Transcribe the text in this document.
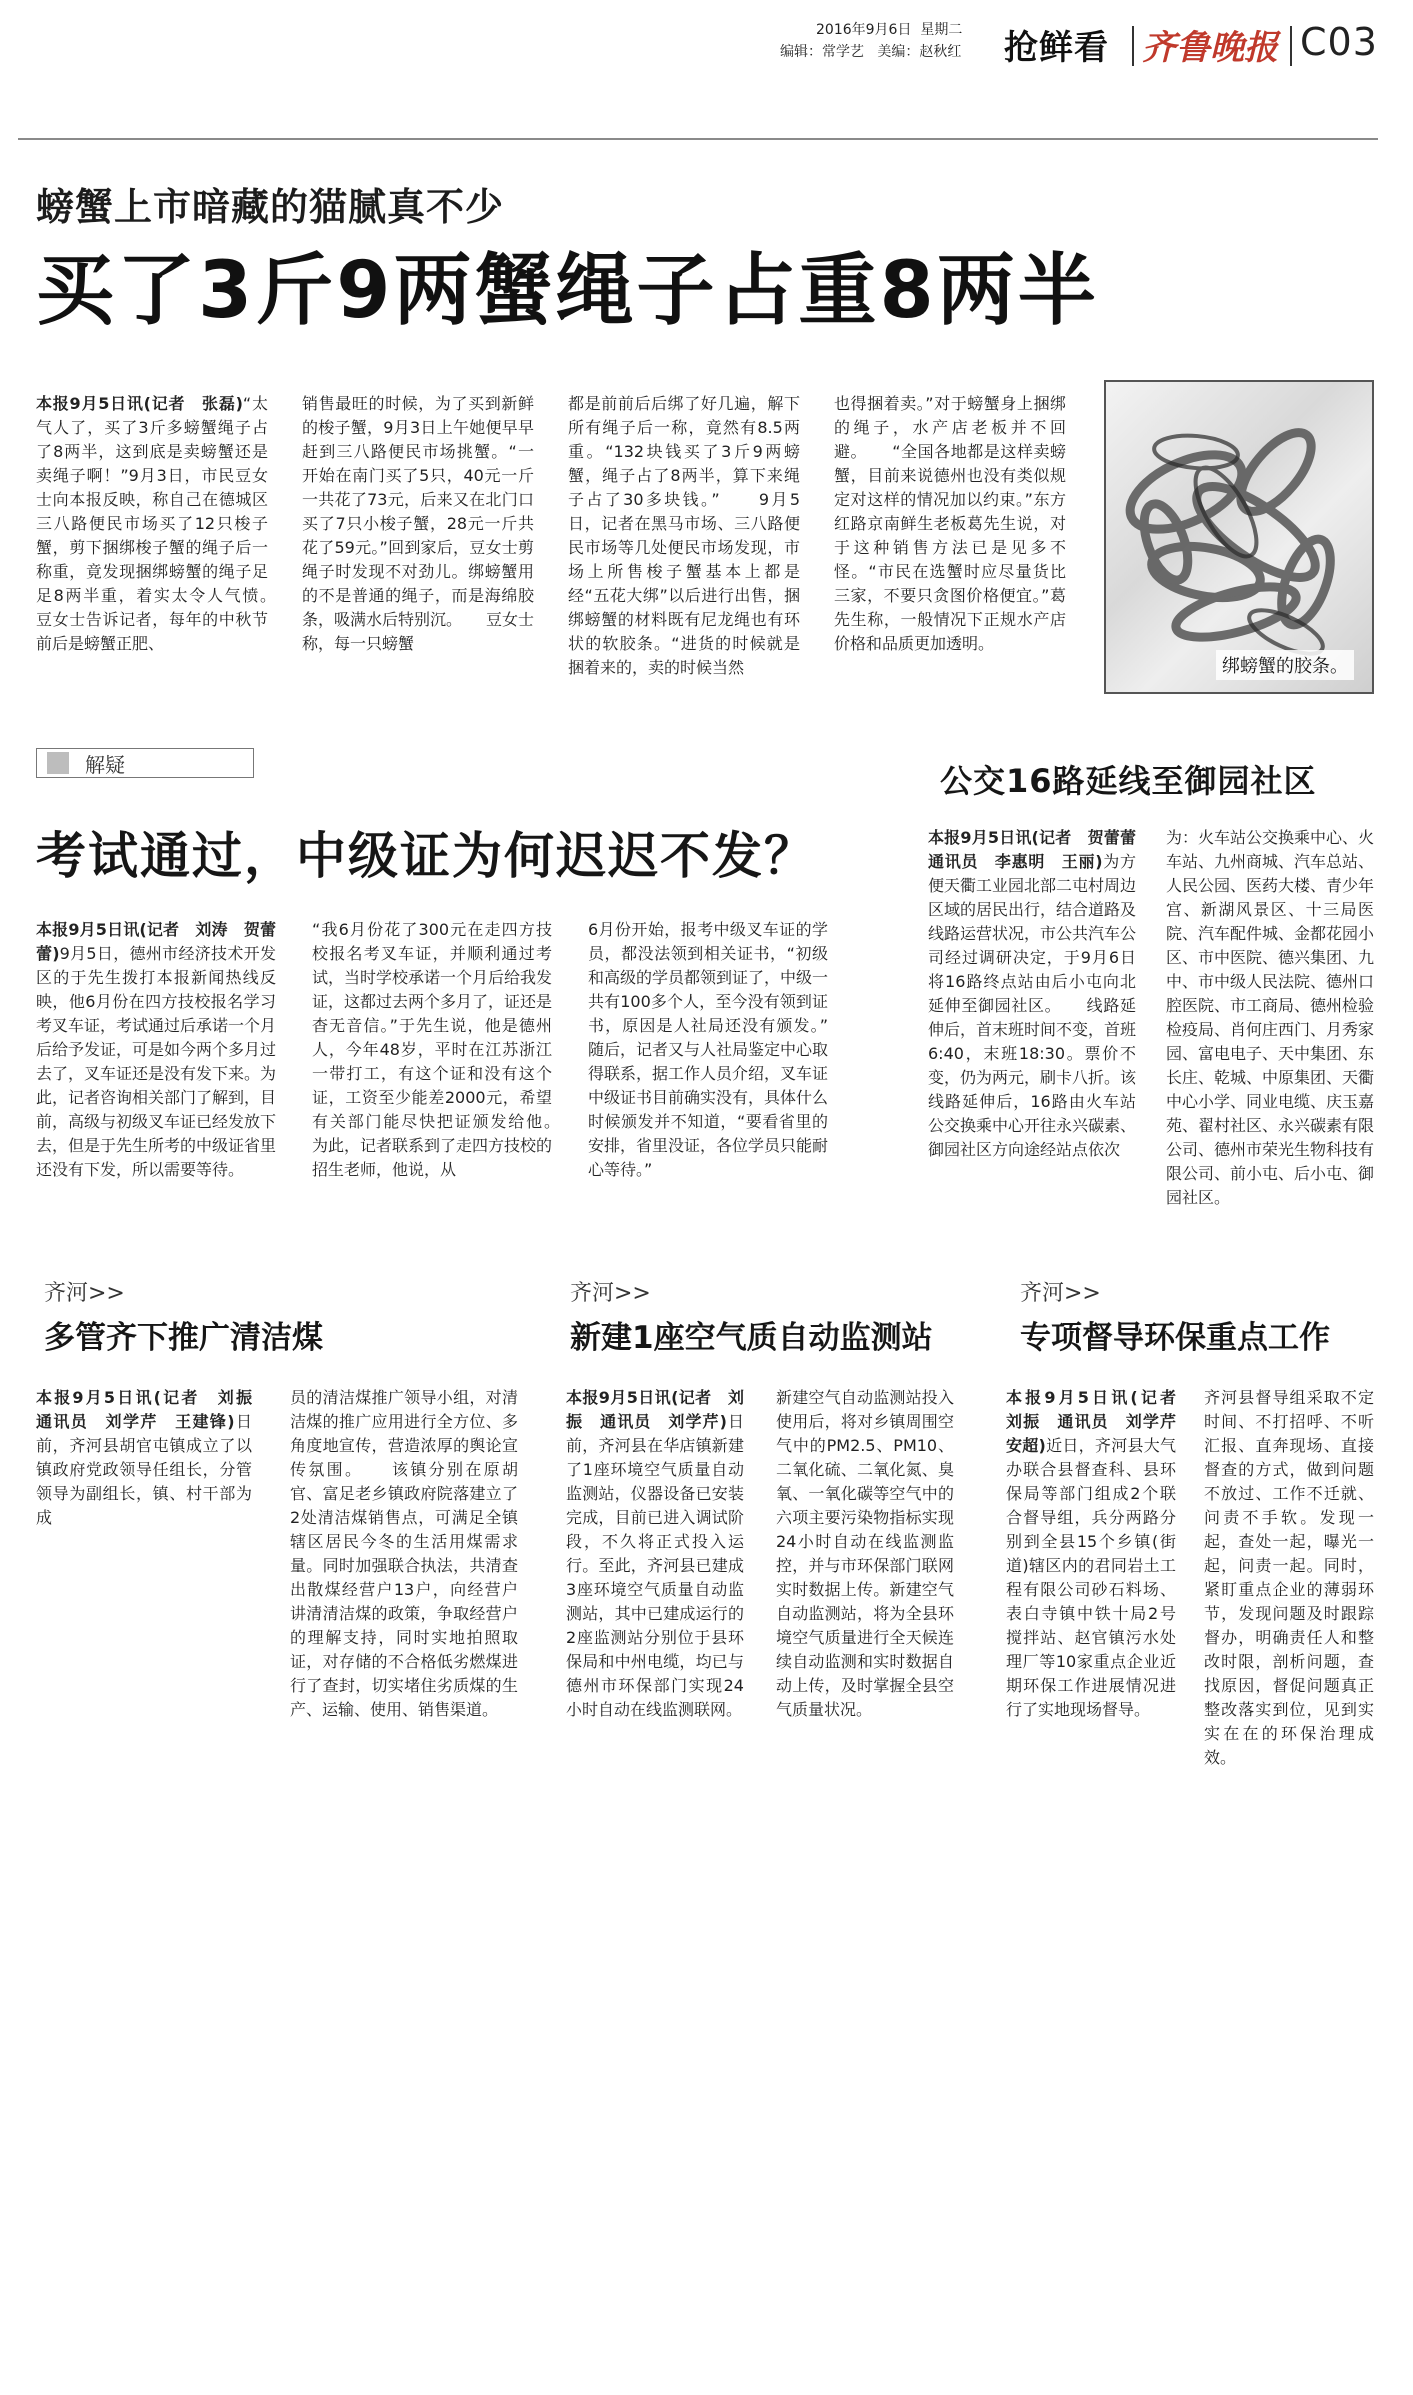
2016年9月6日 星期二
编辑：常学艺 美编：赵秋红 抢鲜看 齐鲁晚报 C03
螃蟹上市暗藏的猫腻真不少
买了3斤9两蟹绳子占重8两半
本报9月5日讯(记者　张磊)“太气人了，买了3斤多螃蟹绳子占了8两半，这到底是卖螃蟹还是卖绳子啊！”9月3日，市民豆女士向本报反映，称自己在德城区三八路便民市场买了12只梭子蟹，剪下捆绑梭子蟹的绳子后一称重，竟发现捆绑螃蟹的绳子足足8两半重，着实太令人气愤。　　豆女士告诉记者，每年的中秋节前后是螃蟹正肥、
销售最旺的时候，为了买到新鲜的梭子蟹，9月3日上午她便早早赶到三八路便民市场挑蟹。“一开始在南门买了5只，40元一斤一共花了73元，后来又在北门口买了7只小梭子蟹，28元一斤共花了59元。”回到家后，豆女士剪绳子时发现不对劲儿。绑螃蟹用的不是普通的绳子，而是海绵胶条，吸满水后特别沉。　　豆女士称，每一只螃蟹
都是前前后后绑了好几遍，解下所有绳子后一称，竟然有8.5两重。“132块钱买了3斤9两螃蟹，绳子占了8两半，算下来绳子占了30多块钱。”　　9月5日，记者在黑马市场、三八路便民市场等几处便民市场发现，市场上所售梭子蟹基本上都是经“五花大绑”以后进行出售，捆绑螃蟹的材料既有尼龙绳也有环状的软胶条。“进货的时候就是捆着来的，卖的时候当然
也得捆着卖。”对于螃蟹身上捆绑的绳子，水产店老板并不回避。　　“全国各地都是这样卖螃蟹，目前来说德州也没有类似规定对这样的情况加以约束。”东方红路京南鲜生老板葛先生说，对于这种销售方法已是见多不怪。“市民在选蟹时应尽量货比三家，不要只贪图价格便宜。”葛先生称，一般情况下正规水产店价格和品质更加透明。
绑螃蟹的胶条。
解疑
考试通过，中级证为何迟迟不发？
本报9月5日讯(记者　刘涛　贺蕾蕾)9月5日，德州市经济技术开发区的于先生拨打本报新闻热线反映，他6月份在四方技校报名学习考叉车证，考试通过后承诺一个月后给予发证，可是如今两个多月过去了，叉车证还是没有发下来。为此，记者咨询相关部门了解到，目前，高级与初级叉车证已经发放下去，但是于先生所考的中级证省里还没有下发，所以需要等待。
“我6月份花了300元在走四方技校报名考叉车证，并顺利通过考试，当时学校承诺一个月后给我发证，这都过去两个多月了，证还是杳无音信。”于先生说，他是德州人，今年48岁，平时在江苏浙江一带打工，有这个证和没有这个证，工资至少能差2000元，希望有关部门能尽快把证颁发给他。　　为此，记者联系到了走四方技校的招生老师，他说，从
6月份开始，报考中级叉车证的学员，都没法领到相关证书，“初级和高级的学员都领到证了，中级一共有100多个人，至今没有领到证书，原因是人社局还没有颁发。”　　随后，记者又与人社局鉴定中心取得联系，据工作人员介绍，叉车证中级证书目前确实没有，具体什么时候颁发并不知道，“要看省里的安排，省里没证，各位学员只能耐心等待。”
公交16路延线至御园社区
本报9月5日讯(记者　贺蕾蕾　通讯员　李惠明　王丽)为方便天衢工业园北部二屯村周边区域的居民出行，结合道路及线路运营状况，市公共汽车公司经过调研决定，于9月6日将16路终点站由后小屯向北延伸至御园社区。　　线路延伸后，首末班时间不变，首班6:40，末班18:30。票价不变，仍为两元，刷卡八折。该线路延伸后，16路由火车站公交换乘中心开往永兴碳素、御园社区方向途经站点依次
为：火车站公交换乘中心、火车站、九州商城、汽车总站、人民公园、医药大楼、青少年宫、新湖风景区、十三局医院、汽车配件城、金都花园小区、市中医院、德兴集团、九中、市中级人民法院、德州口腔医院、市工商局、德州检验检疫局、肖何庄西门、月秀家园、富电电子、天中集团、东长庄、乾城、中原集团、天衢中心小学、同业电缆、庆玉嘉苑、翟村社区、永兴碳素有限公司、德州市荣光生物科技有限公司、前小屯、后小屯、御园社区。
齐河>>
多管齐下推广清洁煤
本报9月5日讯(记者　刘振　通讯员　刘学芹　王建锋)日前，齐河县胡官屯镇成立了以镇政府党政领导任组长，分管领导为副组长，镇、村干部为成
员的清洁煤推广领导小组，对清洁煤的推广应用进行全方位、多角度地宣传，营造浓厚的舆论宣传氛围。　　该镇分别在原胡官、富足老乡镇政府院落建立了2处清洁煤销售点，可满足全镇辖区居民今冬的生活用煤需求量。同时加强联合执法，共清查出散煤经营户13户，向经营户讲清清洁煤的政策，争取经营户的理解支持，同时实地拍照取证，对存储的不合格低劣燃煤进行了查封，切实堵住劣质煤的生产、运输、使用、销售渠道。
齐河>>
新建1座空气质自动监测站
本报9月5日讯(记者　刘振　通讯员　刘学芹)日前，齐河县在华店镇新建了1座环境空气质量自动监测站，仪器设备已安装完成，目前已进入调试阶段，不久将正式投入运行。至此，齐河县已建成3座环境空气质量自动监测站，其中已建成运行的2座监测站分别位于县环保局和中州电缆，均已与德州市环保部门实现24小时自动在线监测联网。
新建空气自动监测站投入使用后，将对乡镇周围空气中的PM2.5、PM10、二氧化硫、二氧化氮、臭氧、一氧化碳等空气中的六项主要污染物指标实现24小时自动在线监测监控，并与市环保部门联网实时数据上传。新建空气自动监测站，将为全县环境空气质量进行全天候连续自动监测和实时数据自动上传，及时掌握全县空气质量状况。
齐河>>
专项督导环保重点工作
本报9月5日讯(记者　刘振　通讯员　刘学芹　安超)近日，齐河县大气办联合县督查科、县环保局等部门组成2个联合督导组，兵分两路分别到全县15个乡镇(街道)辖区内的君同岩土工程有限公司砂石料场、表白寺镇中铁十局2号搅拌站、赵官镇污水处理厂等10家重点企业近期环保工作进展情况进行了实地现场督导。
齐河县督导组采取不定时间、不打招呼、不听汇报、直奔现场、直接督查的方式，做到问题不放过、工作不迁就、问责不手软。发现一起，查处一起，曝光一起，问责一起。同时，紧盯重点企业的薄弱环节，发现问题及时跟踪督办，明确责任人和整改时限，剖析问题，查找原因，督促问题真正整改落实到位，见到实实在在的环保治理成效。
